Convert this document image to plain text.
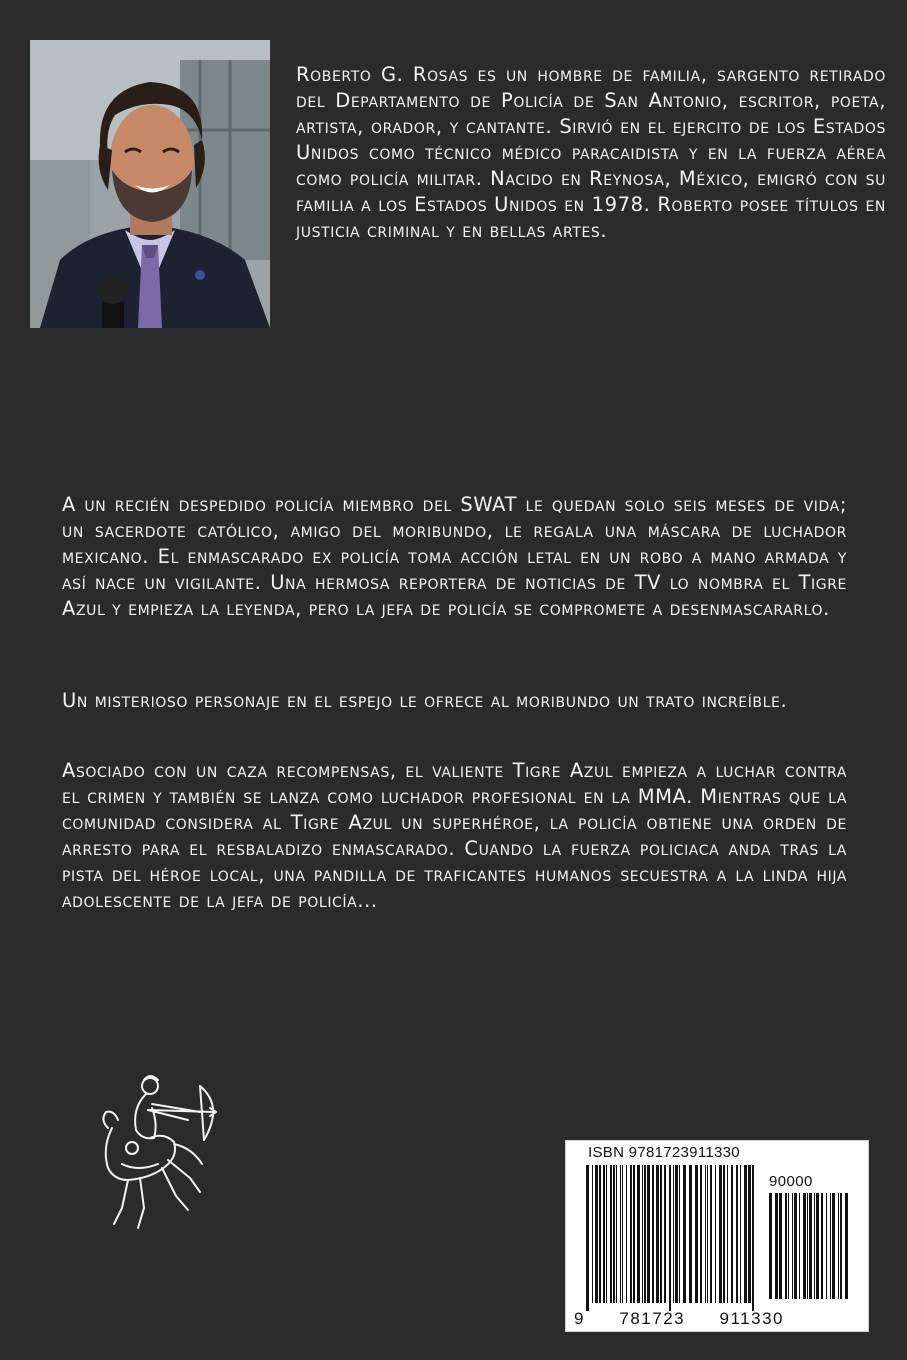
Roberto G. Rosas es un hombre de familia, sargento retirado del Departamento de Policía de San Antonio, escritor, poeta, artista, orador, y cantante. Sirvió en el ejercito de los Estados Unidos como técnico médico paracaidista y en la fuerza aérea como policía militar. Nacido en Reynosa, México, emigró con su familia a los Estados Unidos en 1978. Roberto posee títulos en justicia criminal y en bellas artes.

A un recién despedido policía miembro del SWAT le quedan solo seis meses de vida; un sacerdote católico, amigo del moribundo, le regala una máscara de luchador mexicano. El enmascarado ex policía toma acción letal en un robo a mano armada y así nace un vigilante. Una hermosa reportera de noticias de TV lo nombra el Tigre Azul y empieza la leyenda, pero la jefa de policía se compromete a desenmascararlo.

Un misterioso personaje en el espejo le ofrece al moribundo un trato increíble.

Asociado con un caza recompensas, el valiente Tigre Azul empieza a luchar contra el crimen y también se lanza como luchador profesional en la MMA. Mientras que la comunidad considera al Tigre Azul un superhéroe, la policía obtiene una orden de arresto para el resbaladizo enmascarado. Cuando la fuerza policiaca anda tras la pista del héroe local, una pandilla de traficantes humanos secuestra a la linda hija adolescente de la jefa de policía...

ISBN 9781723911330
90000
9 781723 911330
